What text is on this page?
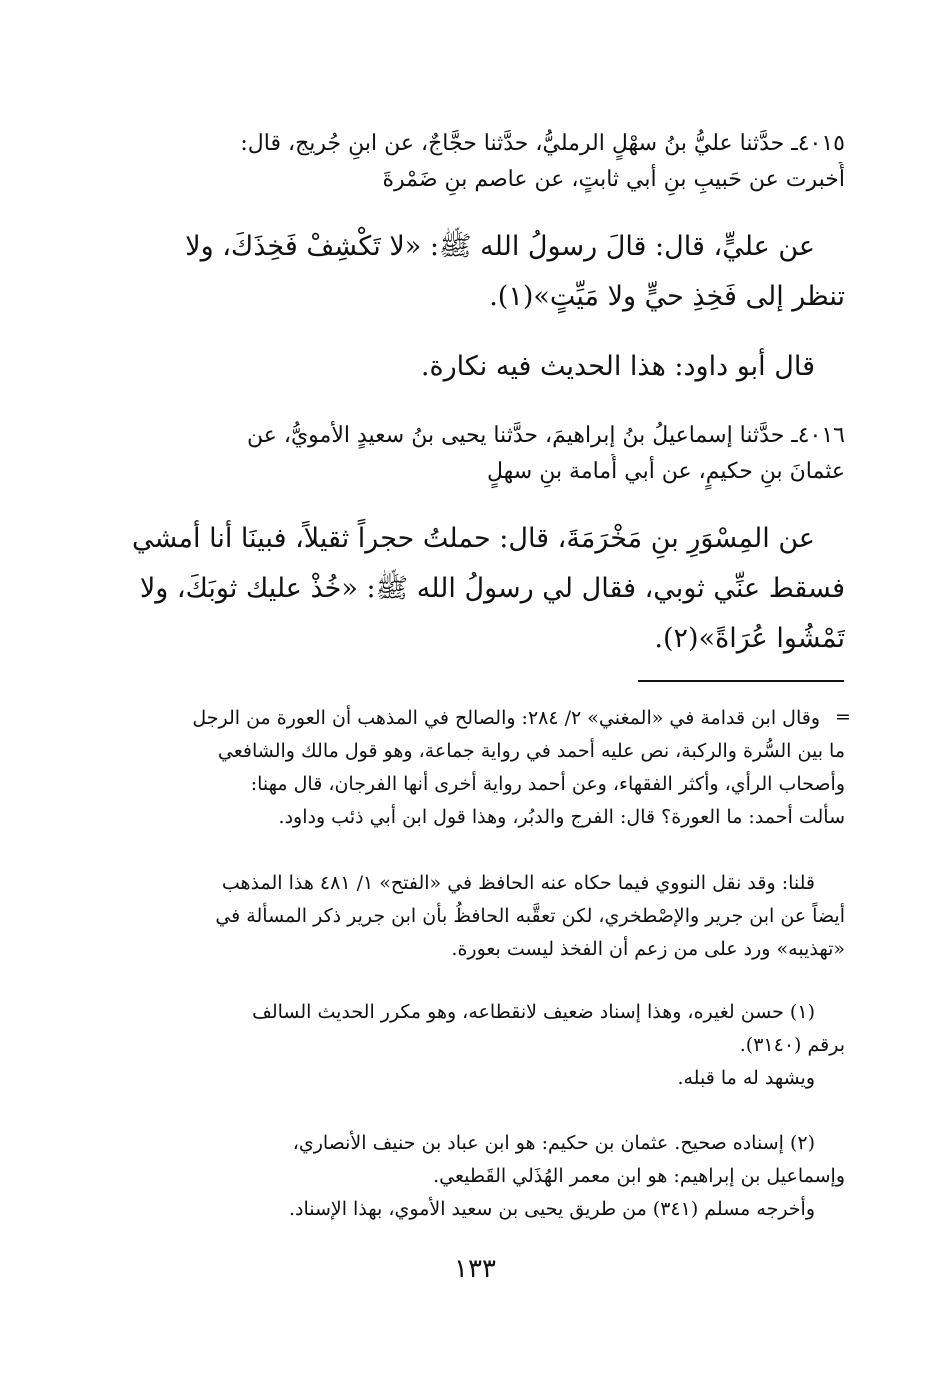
٤٠١٥ـ حدَّثنا عليُّ بنُ سهْلٍ الرمليُّ، حدَّثنا حجَّاجٌ، عن ابنِ جُريج، قال:
أُخبرت عن حَبيبِ بنِ أبي ثابتٍ، عن عاصم بنِ ضَمْرةَ
عن عليٍّ، قال: قالَ رسولُ الله ﷺ: «لا تَكْشِفْ فَخِذَكَ، ولا
تنظر إلى فَخِذِ حيٍّ ولا مَيِّتٍ»(١).
قال أبو داود: هذا الحديث فيه نكارة.
٤٠١٦ـ حدَّثنا إسماعيلُ بنُ إبراهيمَ، حدَّثنا يحيى بنُ سعيدٍ الأمويُّ، عن
عثمانَ بنِ حكيمٍ، عن أبي أُمامة بنِ سهلٍ
عن المِسْوَرِ بنِ مَخْرَمَةَ، قال: حملتُ حجراً ثقيلاً، فبينَا أنا أمشي
فسقط عنِّي ثوبي، فقال لي رسولُ الله ﷺ: «خُذْ عليك ثوبَكَ، ولا
تَمْشُوا عُرَاةً»(٢).
=
وقال ابن قدامة في «المغني» ٢/ ٢٨٤: والصالح في المذهب أن العورة من الرجل
ما بين السُّرة والركبة، نص عليه أحمد في رواية جماعة، وهو قول مالك والشافعي
وأصحاب الرأي، وأكثر الفقهاء، وعن أحمد رواية أخرى أنها الفرجان، قال مهنا:
سألت أحمد: ما العورة؟ قال: الفرج والدبُر، وهذا قول ابن أبي ذئب وداود.
قلنا: وقد نقل النووي فيما حكاه عنه الحافظ في «الفتح» ١/ ٤٨١ هذا المذهب
أيضاً عن ابن جرير والإصْطخري، لكن تعقَّبه الحافظُ بأن ابن جرير ذكر المسألة في
«تهذيبه» ورد على من زعم أن الفخذ ليست بعورة.
(١) حسن لغيره، وهذا إسناد ضعيف لانقطاعه، وهو مكرر الحديث السالف
برقم (٣١٤٠).
ويشهد له ما قبله.
(٢) إسناده صحيح. عثمان بن حكيم: هو ابن عباد بن حنيف الأنصاري،
وإسماعيل بن إبراهيم: هو ابن معمر الهُذَلي القَطيعي.
وأخرجه مسلم (٣٤١) من طريق يحيى بن سعيد الأموي، بهذا الإسناد.
١٣٣
